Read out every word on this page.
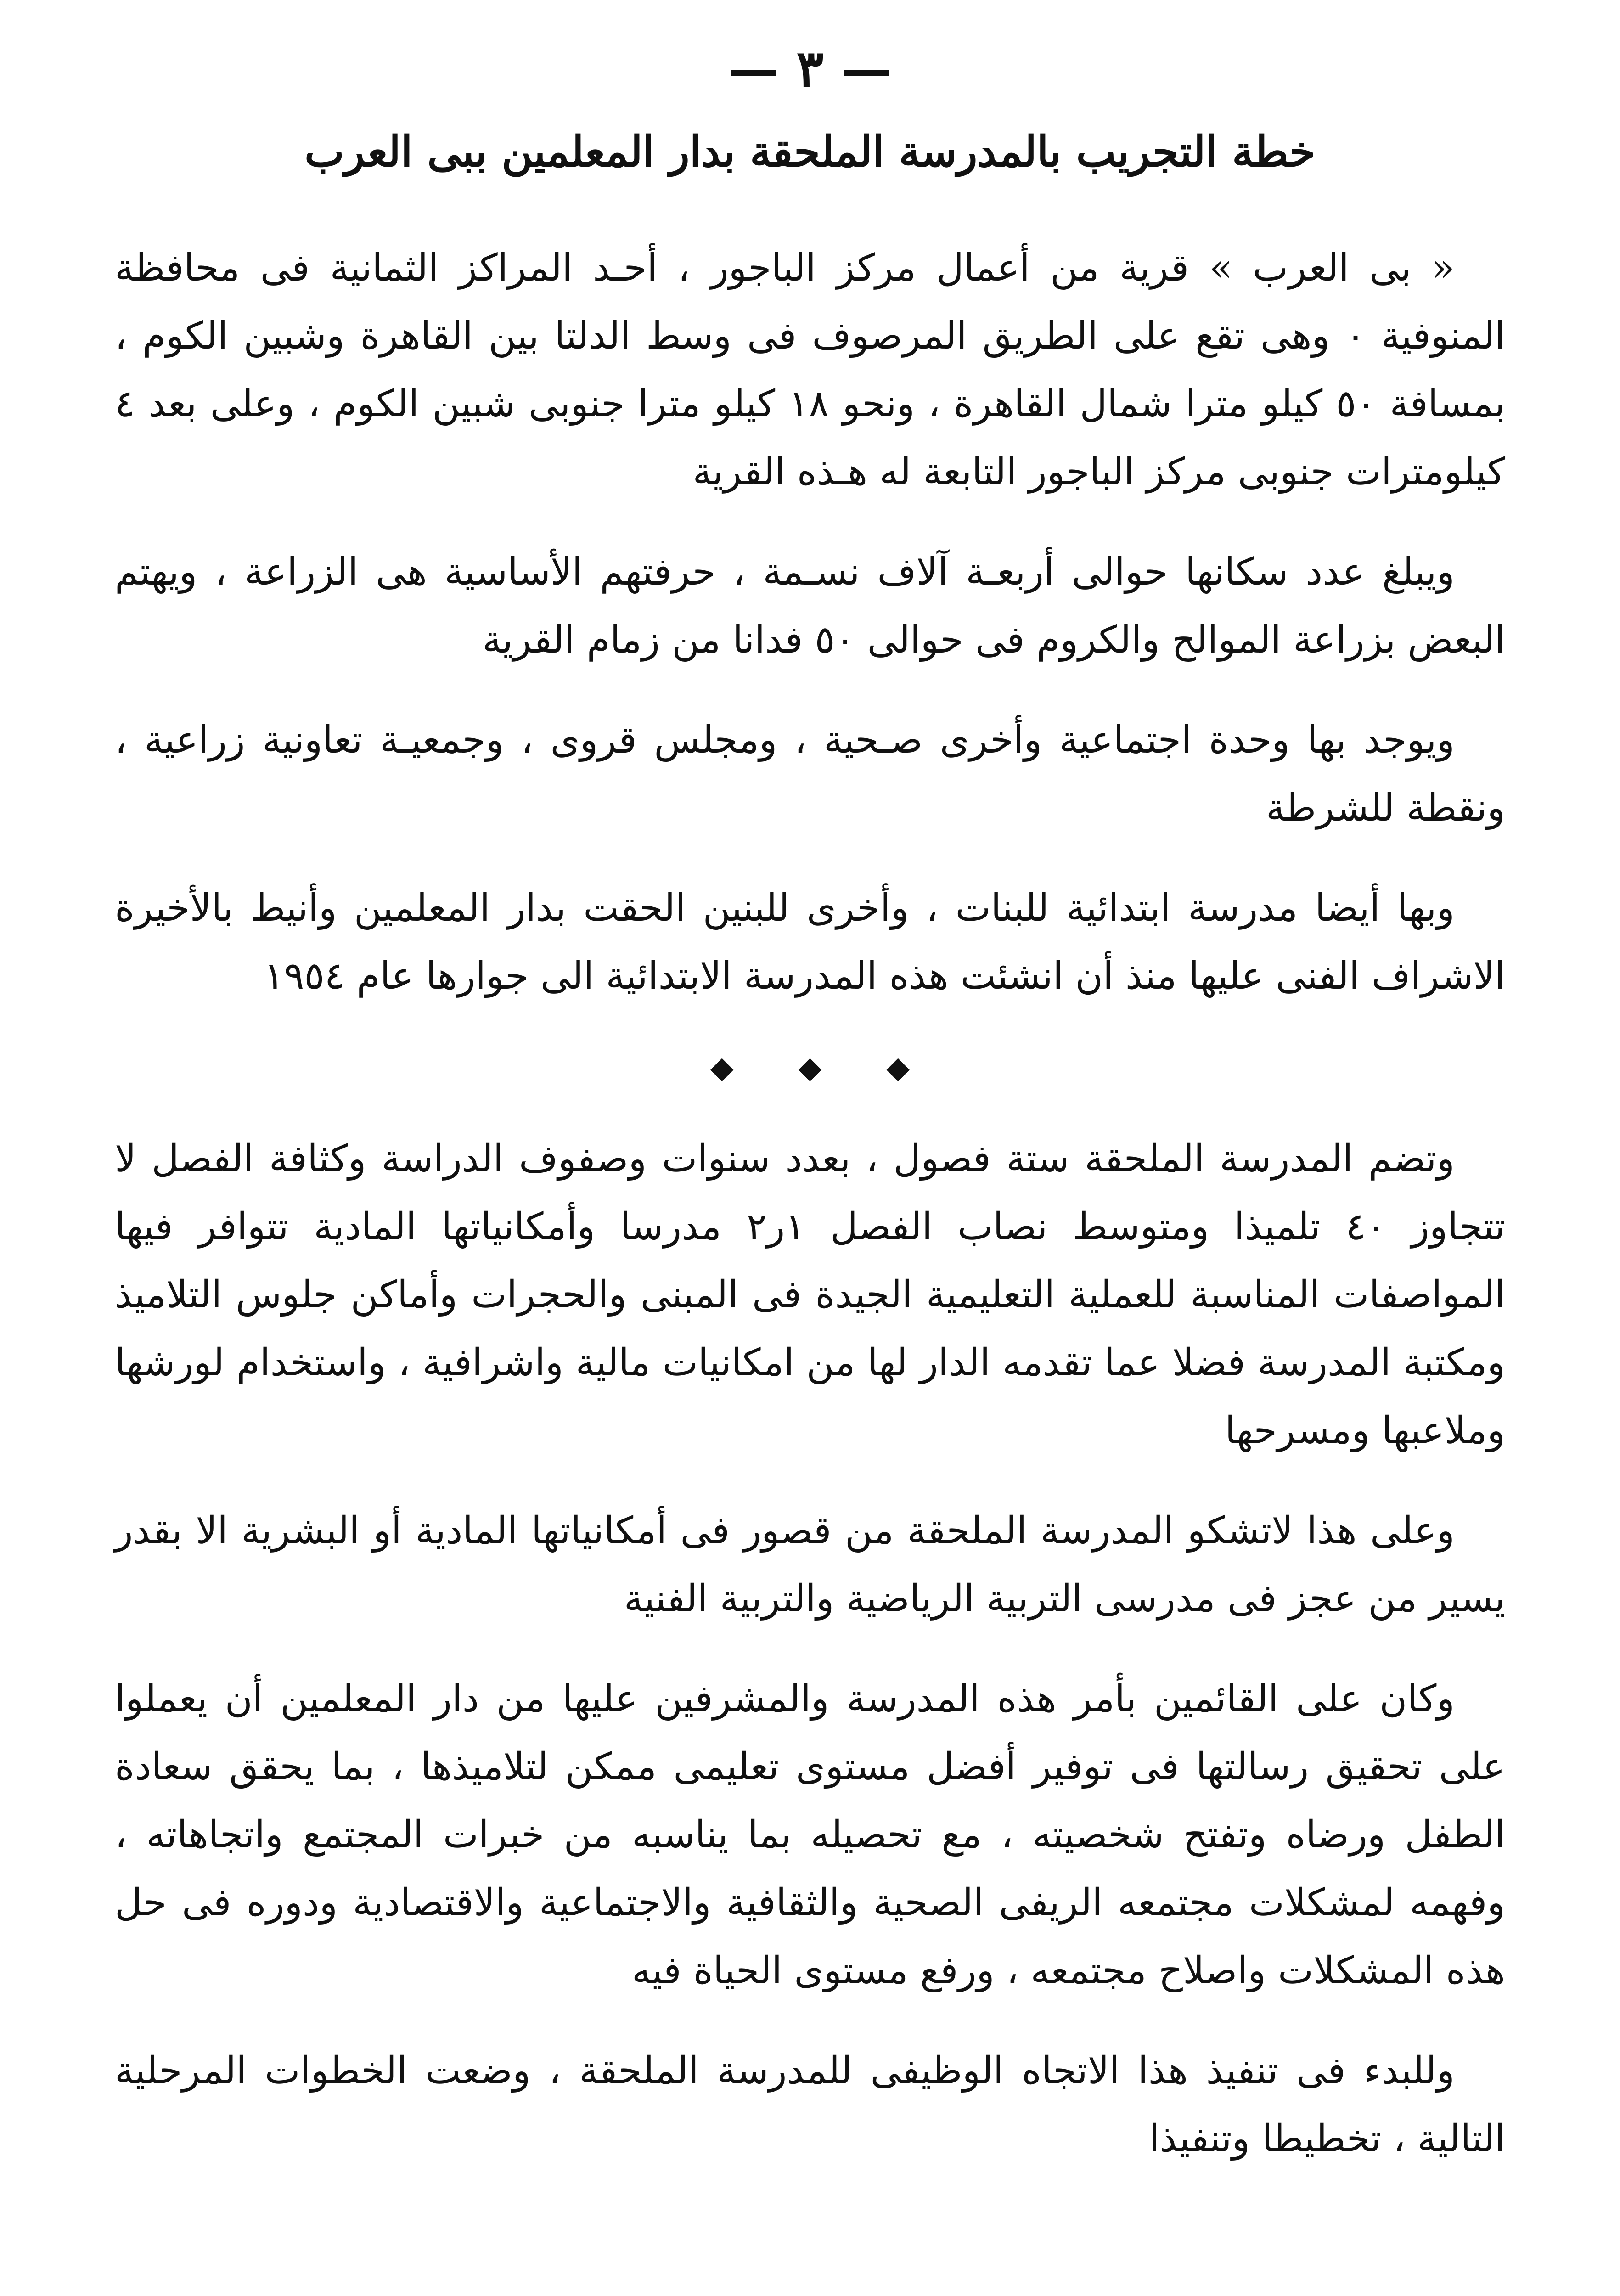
— ٣ —
خطة التجريب بالمدرسة الملحقة بدار المعلمين ببى العرب

« بى العرب » قرية من أعمال مركز الباجور ، أحـد المراكز الثمانية فى محافظة المنوفية ٠ وهى تقع على الطريق المرصوف فى وسط الدلتا بين القاهرة وشبين الكوم ، بمسافة ٥٠ كيلو مترا شمال القاهرة ، ونحو ١٨ كيلو مترا جنوبى شبين الكوم ، وعلى بعد ٤ كيلومترات جنوبى مركز الباجور التابعة له هـذه القرية

ويبلغ عدد سكانها حوالى أربعـة آلاف نسـمة ، حرفتهم الأساسية هى الزراعة ، ويهتم البعض بزراعة الموالح والكروم فى حوالى ٥٠ فدانا من زمام القرية

ويوجد بها وحدة اجتماعية وأخرى صـحية ، ومجلس قروى ، وجمعيـة تعاونية زراعية ، ونقطة للشرطة

وبها أيضا مدرسة ابتدائية للبنات ، وأخرى للبنين الحقت بدار المعلمين وأنيط بالأخيرة الاشراف الفنى عليها منذ أن انشئت هذه المدرسة الابتدائية الى جوارها عام ١٩٥٤

◆ ◆ ◆

وتضم المدرسة الملحقة ستة فصول ، بعدد سنوات وصفوف الدراسة وكثافة الفصل لا تتجاوز ٤٠ تلميذا ومتوسط نصاب الفصل ١ر٢ مدرسا وأمكانياتها المادية تتوافر فيها المواصفات المناسبة للعملية التعليمية الجيدة فى المبنى والحجرات وأماكن جلوس التلاميذ ومكتبة المدرسة فضلا عما تقدمه الدار لها من امكانيات مالية واشرافية ، واستخدام لورشها وملاعبها ومسرحها

وعلى هذا لاتشكو المدرسة الملحقة من قصور فى أمكانياتها المادية أو البشرية الا بقدر يسير من عجز فى مدرسى التربية الرياضية والتربية الفنية

وكان على القائمين بأمر هذه المدرسة والمشرفين عليها من دار المعلمين أن يعملوا على تحقيق رسالتها فى توفير أفضل مستوى تعليمى ممكن لتلاميذها ، بما يحقق سعادة الطفل ورضاه وتفتح شخصيته ، مع تحصيله بما يناسبه من خبرات المجتمع واتجاهاته ، وفهمه لمشكلات مجتمعه الريفى الصحية والثقافية والاجتماعية والاقتصادية ودوره فى حل هذه المشكلات واصلاح مجتمعه ، ورفع مستوى الحياة فيه

وللبدء فى تنفيذ هذا الاتجاه الوظيفى للمدرسة الملحقة ، وضعت الخطوات المرحلية التالية ، تخطيطا وتنفيذا
